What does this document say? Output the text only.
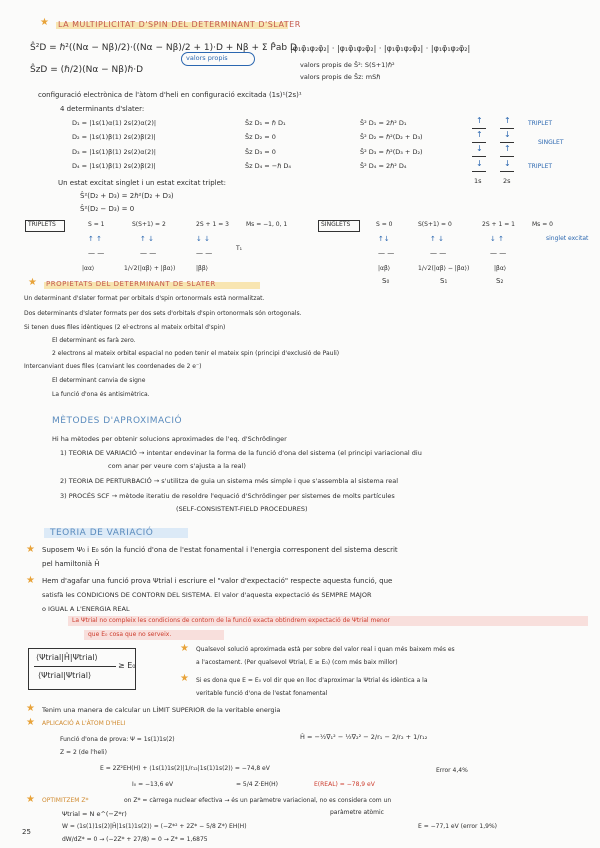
★ LA MULTIPLICITAT D'SPIN DEL DETERMINANT D'SLATER
Ŝ²D = ℏ²((Nα − Nβ)/2)·((Nα − Nβ)/2 + 1)·D + Nβ + Σ P̂ab D
ŜzD = (ℏ/2)(Nα − Nβ)ℏ·D
valors propis
|φ₁φ̄₁φ₂φ̄₂| · |φ₁φ̄₁φ₂φ̄₂| · |φ₁φ̄₁φ₂φ̄₂| · |φ₁φ̄₁φ₂φ̄₂|
valors propis de Ŝ²: S(S+1)ℏ²
valors propis de Ŝz: mSℏ
configuració electrònica de l'àtom d'heli en configuració excitada (1s)¹(2s)¹
4 determinants d'slater:
D₁ = |1s(1)α(1) 2s(2)α(2)|	Ŝz D₁ = ℏ D₁	Ŝ² D₁ = 2ℏ² D₁
D₂ = |1s(1)β(1) 2s(2)β(2)|	Ŝz D₂ = 0	Ŝ² D₂ = ℏ²(D₂ + D₃)
D₃ = |1s(1)β(1) 2s(2)α(2)|	Ŝz D₃ = 0	Ŝ² D₃ = ℏ²(D₃ + D₂)
D₄ = |1s(1)β(1) 2s(2)β(2)|	Ŝz D₄ = −ℏ D₄	Ŝ² D₄ = 2ℏ² D₄
↑	↑
↑	↓
↓	↑
↓	↓
1s	2s
TRIPLET
SINGLET
TRIPLET
Un estat excitat singlet i un estat excitat triplet:
Ŝ²(D₂ + D₃) = 2ℏ²(D₂ + D₃)
Ŝ²(D₂ − D₃) = 0
TRIPLETS	S = 1	S(S+1) = 2	2S + 1 = 3	Ms = −1, 0, 1	SINGLETS	S = 0	S(S+1) = 0	2S + 1 = 1	Ms = 0
↑ ↑	↑ ↓	↓ ↓
— —	— —	— —
T₁
|αα⟩	1/√2(|αβ⟩ + |βα⟩)	|ββ⟩
↑↓	↑ ↓	↓ ↑
— —	— —	— —
singlet excitat
|αβ⟩	1/√2(|αβ⟩ − |βα⟩)	|βα⟩
S₀	S₁	S₂
★ PROPIETATS DEL DETERMINANT DE SLATER
Un determinant d'slater format per orbitals d'spin ortonormals està normalitzat.
Dos determinants d'slater formats per dos sets d'orbitals d'spin ortonormals són ortogonals.
Si tenen dues files idèntiques (2 el·ectrons al mateix orbital d'spin)
El determinant es farà zero.
2 electrons al mateix orbital espacial no poden tenir el mateix spin (principi d'exclusió de Pauli)
Intercanviant dues files (canviant les coordenades de 2 e⁻)
El determinant canvia de signe
La funció d'ona és antisimètrica.
MÈTODES D'APROXIMACIÓ
Hi ha mètodes per obtenir solucions aproximades de l'eq. d'Schrödinger
1) TEORIA DE VARIACIÓ → intentar endevinar la forma de la funció d'ona del sistema (el principi variacional diu
com anar per veure com s'ajusta a la real)
2) TEORIA DE PERTURBACIÓ → s'utilitza de guia un sistema més simple i que s'assembla al sistema real
3) PROCÉS SCF → mètode iteratiu de resoldre l'equació d'Schrödinger per sistemes de molts partícules
(SELF-CONSISTENT-FIELD PROCEDURES)
TEORIA DE VARIACIÓ
★ Suposem Ψ₀ i E₀ són la funció d'ona de l'estat fonamental i l'energia corresponent del sistema descrit
pel hamiltonià Ĥ
★ Hem d'agafar una funció prova Ψtrial i escriure el "valor d'expectació" respecte aquesta funció, que
satisfà les CONDICIONS DE CONTORN DEL SISTEMA. El valor d'aquesta expectació és SEMPRE MAJOR
o IGUAL A L'ENERGIA REAL
La Ψtrial no compleix les condicions de contorn de la funció exacta obtindrem expectació de Ψtrial menor
que E₀ cosa que no serveix.
⟨Ψtrial|Ĥ|Ψtrial⟩
⟨Ψtrial|Ψtrial⟩
≥ E₀
★ Qualsevol solució aproximada està per sobre del valor real i quan més baixem més es
a l'acostament. (Per qualsevol Ψtrial, E ≥ E₀) (com més baix millor)
★ Si es dona que E = E₀ vol dir que en lloc d'aproximar la Ψtrial és idèntica a la
veritable funció d'ona de l'estat fonamental
★ Tenim una manera de calcular un LÍMIT SUPERIOR de la veritable energia
★ APLICACIÓ A L'ÀTOM D'HELI
Funció d'ona de prova: Ψ = 1s(1)1s(2)	Ĥ = −½∇₁² − ½∇₂² − 2/r₁ − 2/r₂ + 1/r₁₂
Z = 2 (de l'heli)
E = 2Z²EH(H) + ⟨1s(1)1s(2)|1/r₁₂|1s(1)1s(2)⟩ = −74,8 eV
I₀ = −13,6 eV	= 5/4 Z·EH(H)	E(REAL) = −78,9 eV
Error 4,4%
★ OPTIMITZEM Z*	on Z* = càrrega nuclear efectiva → és un paràmetre variacional, no es considera com un
paràmetre atòmic
Ψtrial = N e^(−Z*r)
W = ⟨1s(1)1s(2)|Ĥ|1s(1)1s(2)⟩ = (−Z*² + 2Z* − 5/8 Z*) EH(H)	E = −77,1 eV (error 1,9%)
dW/dZ* = 0 → (−2Z* + 27/8) = 0 → Z* = 1,6875
25
